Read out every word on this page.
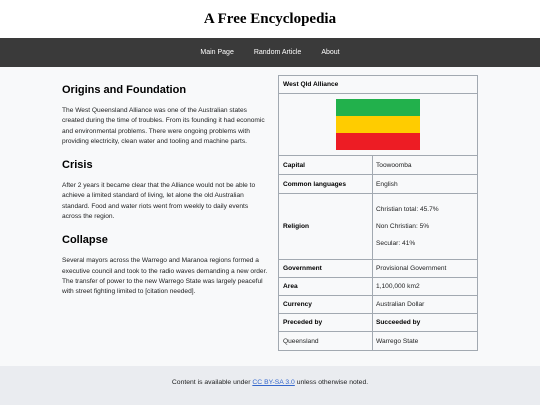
A Free Encyclopedia
Main Page	Random Article	About
Origins and Foundation

The West Queensland Alliance was one of the Australian states created during the time of troubles. From its founding it had economic and environmental problems. There were ongoing problems with providing electricity, clean water and tooling and machine parts.

Crisis

After 2 years it became clear that the Alliance would not be able to achieve a limited standard of living, let alone the old Australian standard. Food and water riots went from weekly to daily events across the region.

Collapse

Several mayors across the Warrego and Maranoa regions formed a executive council and took to the radio waves demanding a new order. The transfer of power to the new Warrego State was largely peaceful with street fighting limited to [citation needed].

West Qld Alliance
Capital	Toowoomba
Common languages	English
Religion
Christian total: 45.7%
Non Christian: 5%
Secular: 41%
Government	Provisional Government
Area	1,100,000 km2
Currency	Australian Dollar
Preceded by	Succeeded by
Queensland	Warrego State
Content is available under CC BY-SA 3.0 unless otherwise noted.
